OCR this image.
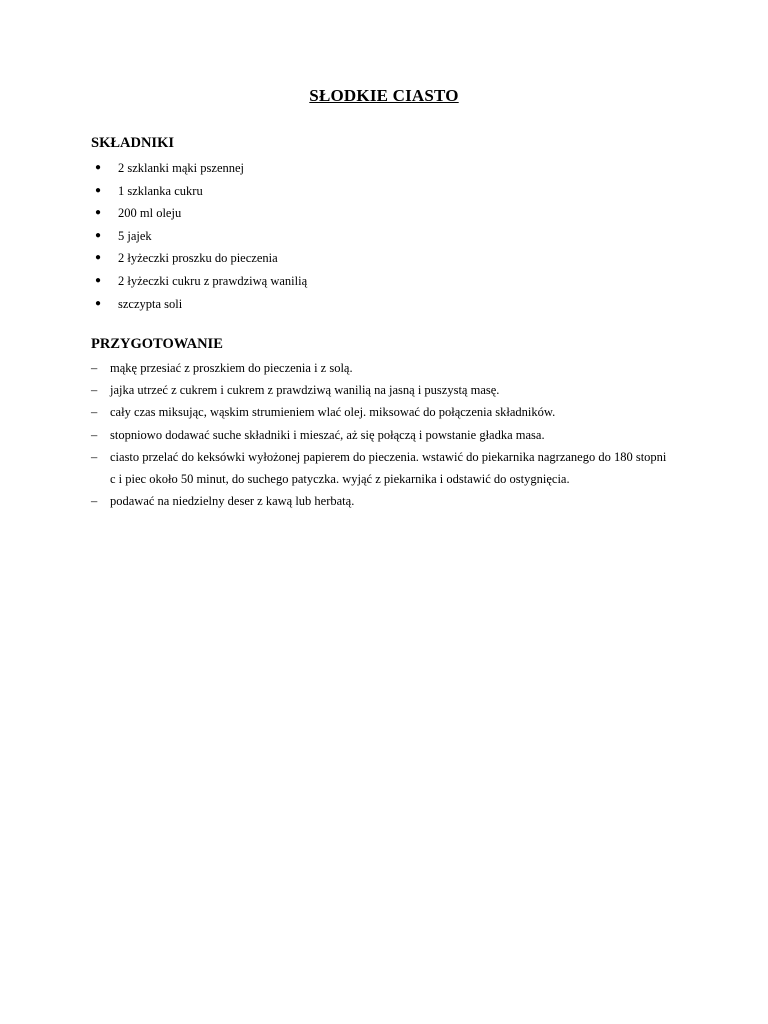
SŁODKIE CIASTO
SKŁADNIKI
● 2 szklanki mąki pszennej
● 1 szklanka cukru
● 200 ml oleju
● 5 jajek
● 2 łyżeczki proszku do pieczenia
● 2 łyżeczki cukru z prawdziwą wanilią
● szczypta soli
PRZYGOTOWANIE
– mąkę przesiać z proszkiem do pieczenia i z solą.
– jajka utrzeć z cukrem i cukrem z prawdziwą wanilią na jasną i puszystą masę.
– cały czas miksując, wąskim strumieniem wlać olej. miksować do połączenia składników.
– stopniowo dodawać suche składniki i mieszać, aż się połączą i powstanie gładka masa.
– ciasto przelać do keksówki wyłożonej papierem do pieczenia. wstawić do piekarnika nagrzanego do 180 stopni c i piec około 50 minut, do suchego patyczka. wyjąć z piekarnika i odstawić do ostygnięcia.
– podawać na niedzielny deser z kawą lub herbatą.
